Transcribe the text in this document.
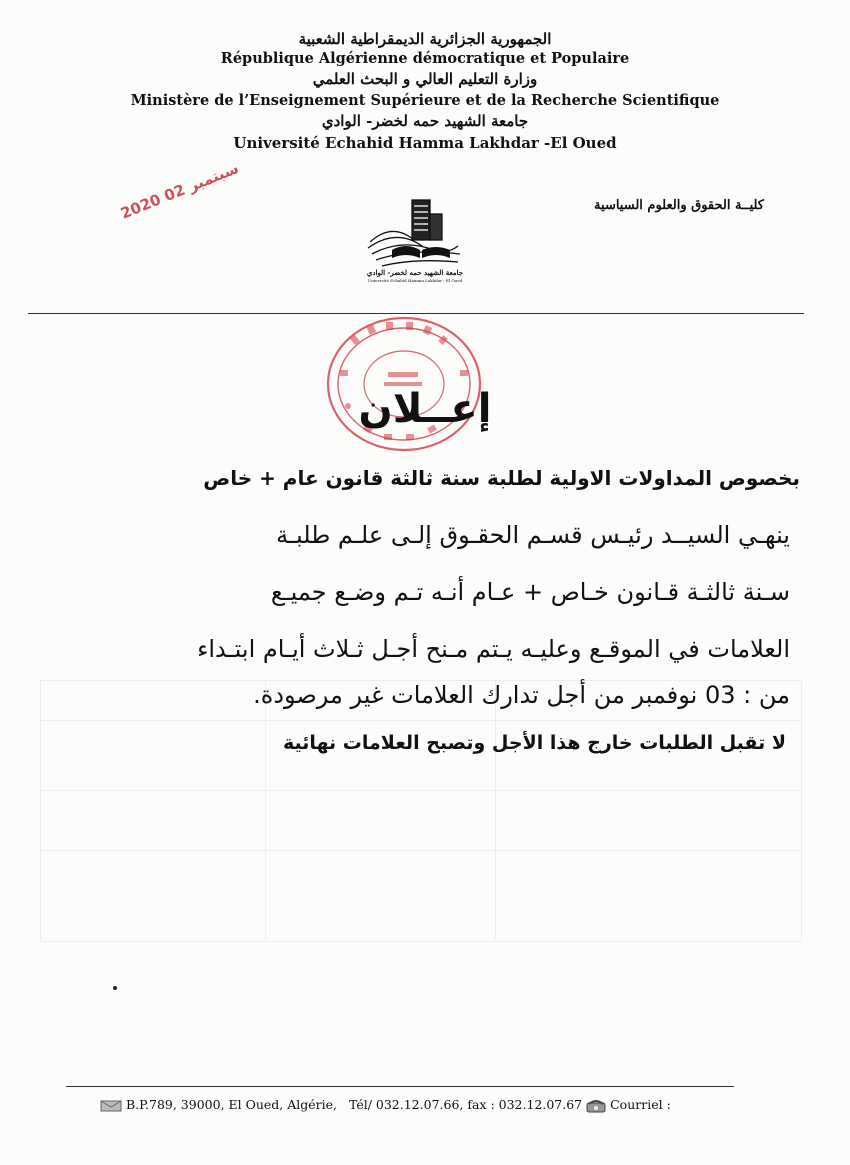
الجمهورية الجزائرية الديمقراطية الشعبية
République Algérienne démocratique et Populaire
وزارة التعليم العالي و البحث العلمي
Ministère de l’Enseignement Supérieure et de la Recherche Scientifique
جامعة الشهيد حمه لخضر- الوادي
Université Echahid Hamma Lakhdar -El Oued
كليــة الحقوق والعلوم السياسية
2020 02 سبتمبر
جامعة الشهيد حمه لخضر- الوادي
Université Echahid Hamma Lakhdar - El Oued
إعــلان
بخصوص المداولات الاولية لطلبة سنة ثالثة قانون عام + خاص
ينهـي السيــد رئيـس قسـم الحقـوق إلـى علـم طلبـة
سـنة ثالثـة قـانون خـاص + عـام أنـه تـم وضـع جميـع
العلامات في الموقـع وعليـه يـتم مـنح أجـل ثـلاث أيـام ابتـداء
من : 03 نوفمبر من أجل تدارك العلامات غير مرصودة.
لا تقبل الطلبات خارج هذا الأجل وتصبح العلامات نهائية
B.P.789, 39000, El Oued, Algérie, Tél/ 032.12.07.66, fax : 032.12.07.67 Courriel :
